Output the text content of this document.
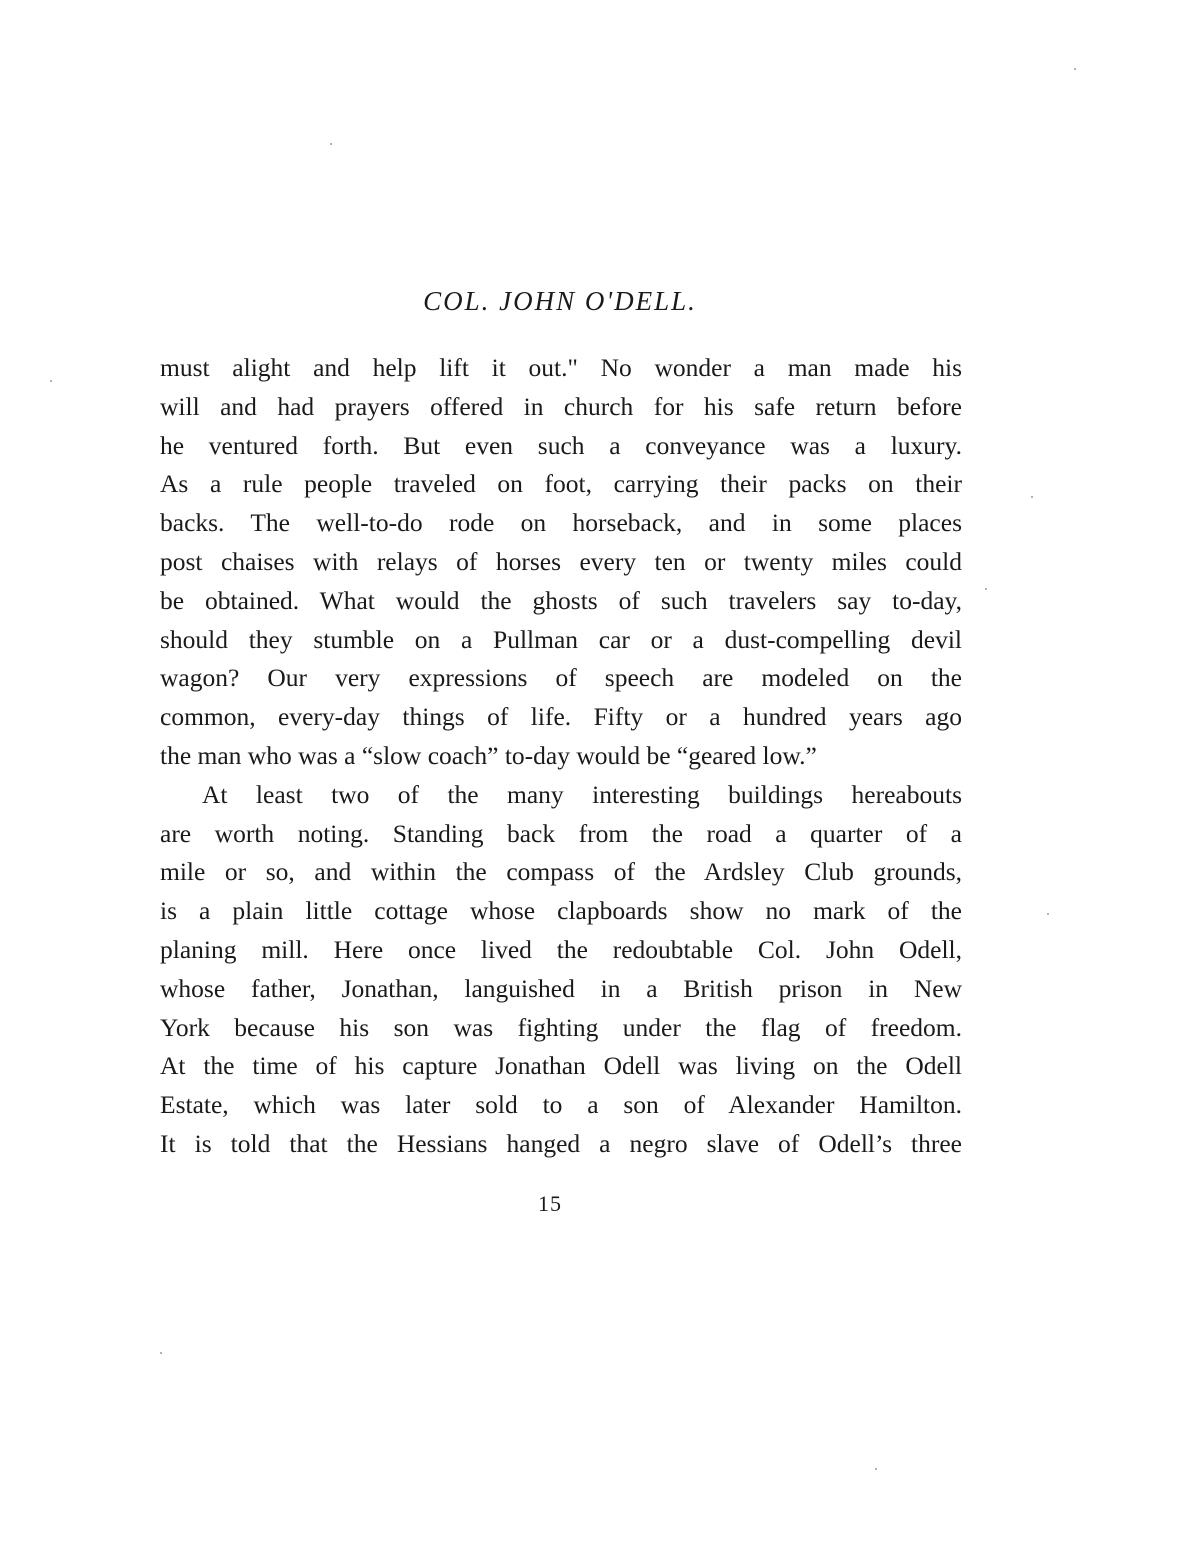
COL. JOHN O'DELL.
must alight and help lift it out." No wonder a man made his
will and had prayers offered in church for his safe return before
he ventured forth. But even such a conveyance was a luxury.
As a rule people traveled on foot, carrying their packs on their
backs. The well-to-do rode on horseback, and in some places
post chaises with relays of horses every ten or twenty miles could
be obtained. What would the ghosts of such travelers say to-day,
should they stumble on a Pullman car or a dust-compelling devil
wagon? Our very expressions of speech are modeled on the
common, every-day things of life. Fifty or a hundred years ago
the man who was a “slow coach” to-day would be “geared low.”
At least two of the many interesting buildings hereabouts
are worth noting. Standing back from the road a quarter of a
mile or so, and within the compass of the Ardsley Club grounds,
is a plain little cottage whose clapboards show no mark of the
planing mill. Here once lived the redoubtable Col. John Odell,
whose father, Jonathan, languished in a British prison in New
York because his son was fighting under the flag of freedom.
At the time of his capture Jonathan Odell was living on the Odell
Estate, which was later sold to a son of Alexander Hamilton.
It is told that the Hessians hanged a negro slave of Odell’s three
15
